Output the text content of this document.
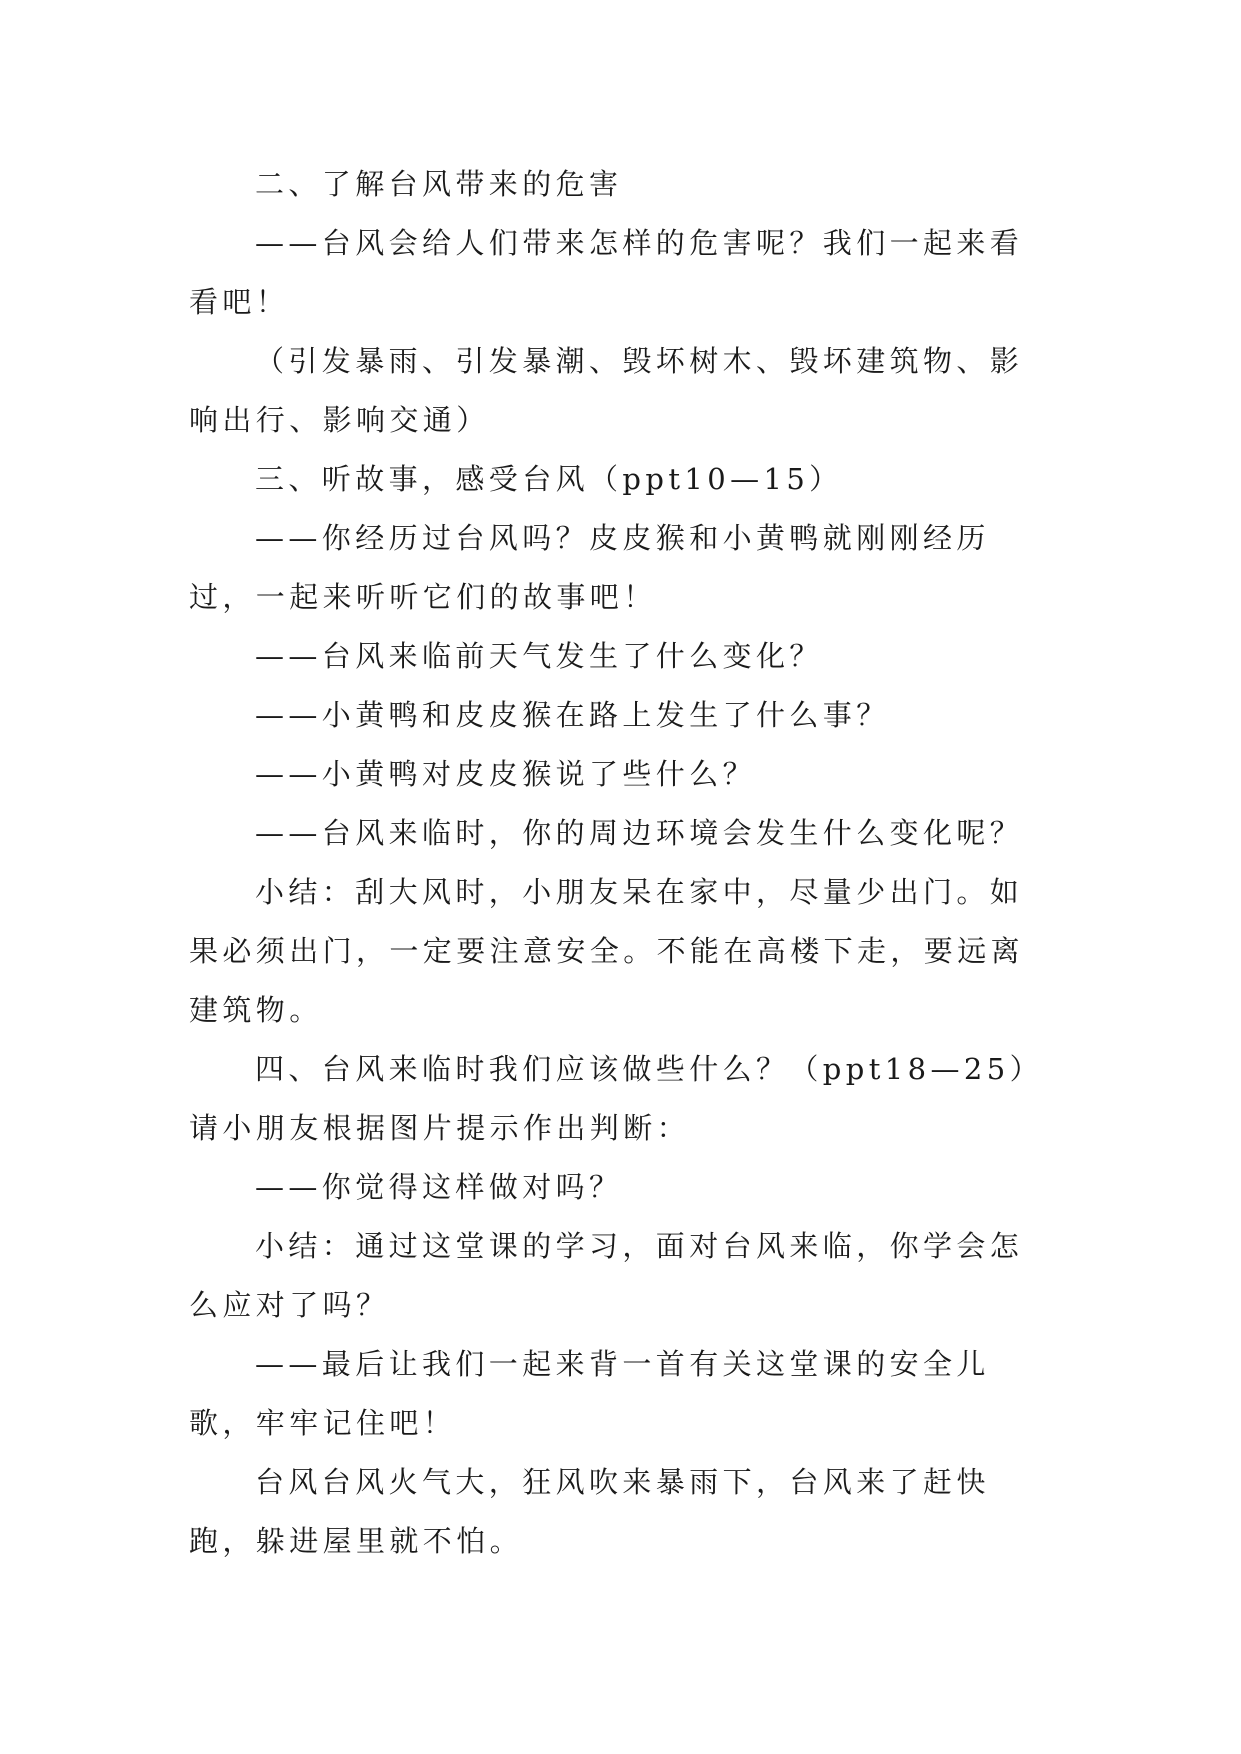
二、了解台风带来的危害

——台风会给人们带来怎样的危害呢？我们一起来看看吧！

（引发暴雨、引发暴潮、毁坏树木、毁坏建筑物、影响出行、影响交通）

三、听故事，感受台风（ppt10—15）

——你经历过台风吗？皮皮猴和小黄鸭就刚刚经历过，一起来听听它们的故事吧！

——台风来临前天气发生了什么变化？

——小黄鸭和皮皮猴在路上发生了什么事？

——小黄鸭对皮皮猴说了些什么？

——台风来临时，你的周边环境会发生什么变化呢？

小结：刮大风时，小朋友呆在家中，尽量少出门。如果必须出门，一定要注意安全。不能在高楼下走，要远离建筑物。

四、台风来临时我们应该做些什么？（ppt18—25）请小朋友根据图片提示作出判断：

——你觉得这样做对吗？

小结：通过这堂课的学习，面对台风来临，你学会怎么应对了吗？

——最后让我们一起来背一首有关这堂课的安全儿歌，牢牢记住吧！

台风台风火气大，狂风吹来暴雨下，台风来了赶快跑，躲进屋里就不怕。
